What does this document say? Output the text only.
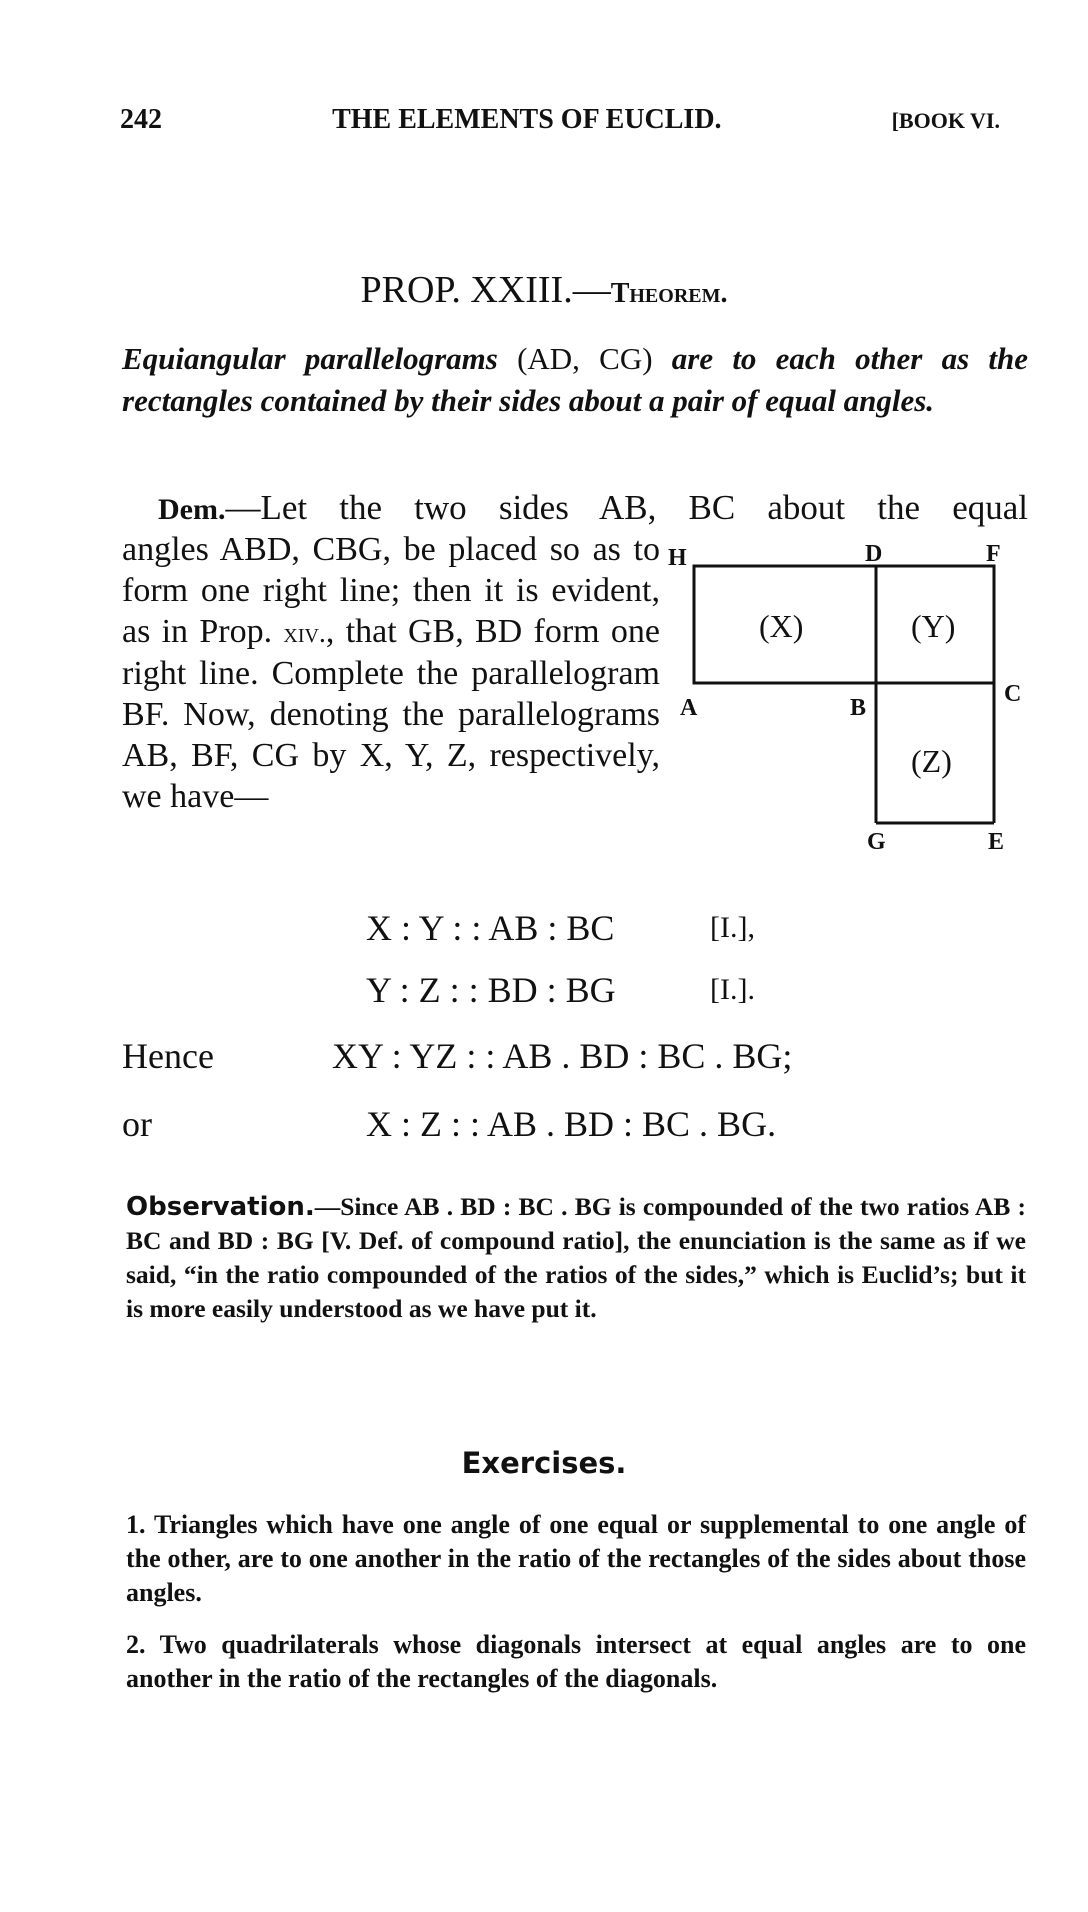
242	THE ELEMENTS OF EUCLID.	[BOOK VI.
PROP. XXIII.—Theorem.
Equiangular parallelograms (AD, CG) are to each other as the rectangles contained by their sides about a pair of equal angles.
Dem.—Let the two sides AB, BC about the equal
angles ABD, CBG, be placed so as to form one right line; then it is evident, as in Prop. xiv., that GB, BD form one right line. Complete the parallelogram BF. Now, denoting the parallelograms AB, BF, CG by X, Y, Z, respectively, we have—
H	D	F
A	B
C
G	E
(X)	(Y)
(Z)
X : Y : : AB : BC	[I.],
Y : Z : : BD : BG	[I.].
Hence	XY : YZ : : AB . BD : BC . BG;
or	X : Z : : AB . BD : BC . BG.
Observation.—Since AB . BD : BC . BG is compounded of the two ratios AB : BC and BD : BG [V. Def. of compound ratio], the enunciation is the same as if we said, “in the ratio compounded of the ratios of the sides,” which is Euclid’s; but it is more easily understood as we have put it.
Exercises.
1. Triangles which have one angle of one equal or supplemental to one angle of the other, are to one another in the ratio of the rectangles of the sides about those angles.
2. Two quadrilaterals whose diagonals intersect at equal angles are to one another in the ratio of the rectangles of the diagonals.
